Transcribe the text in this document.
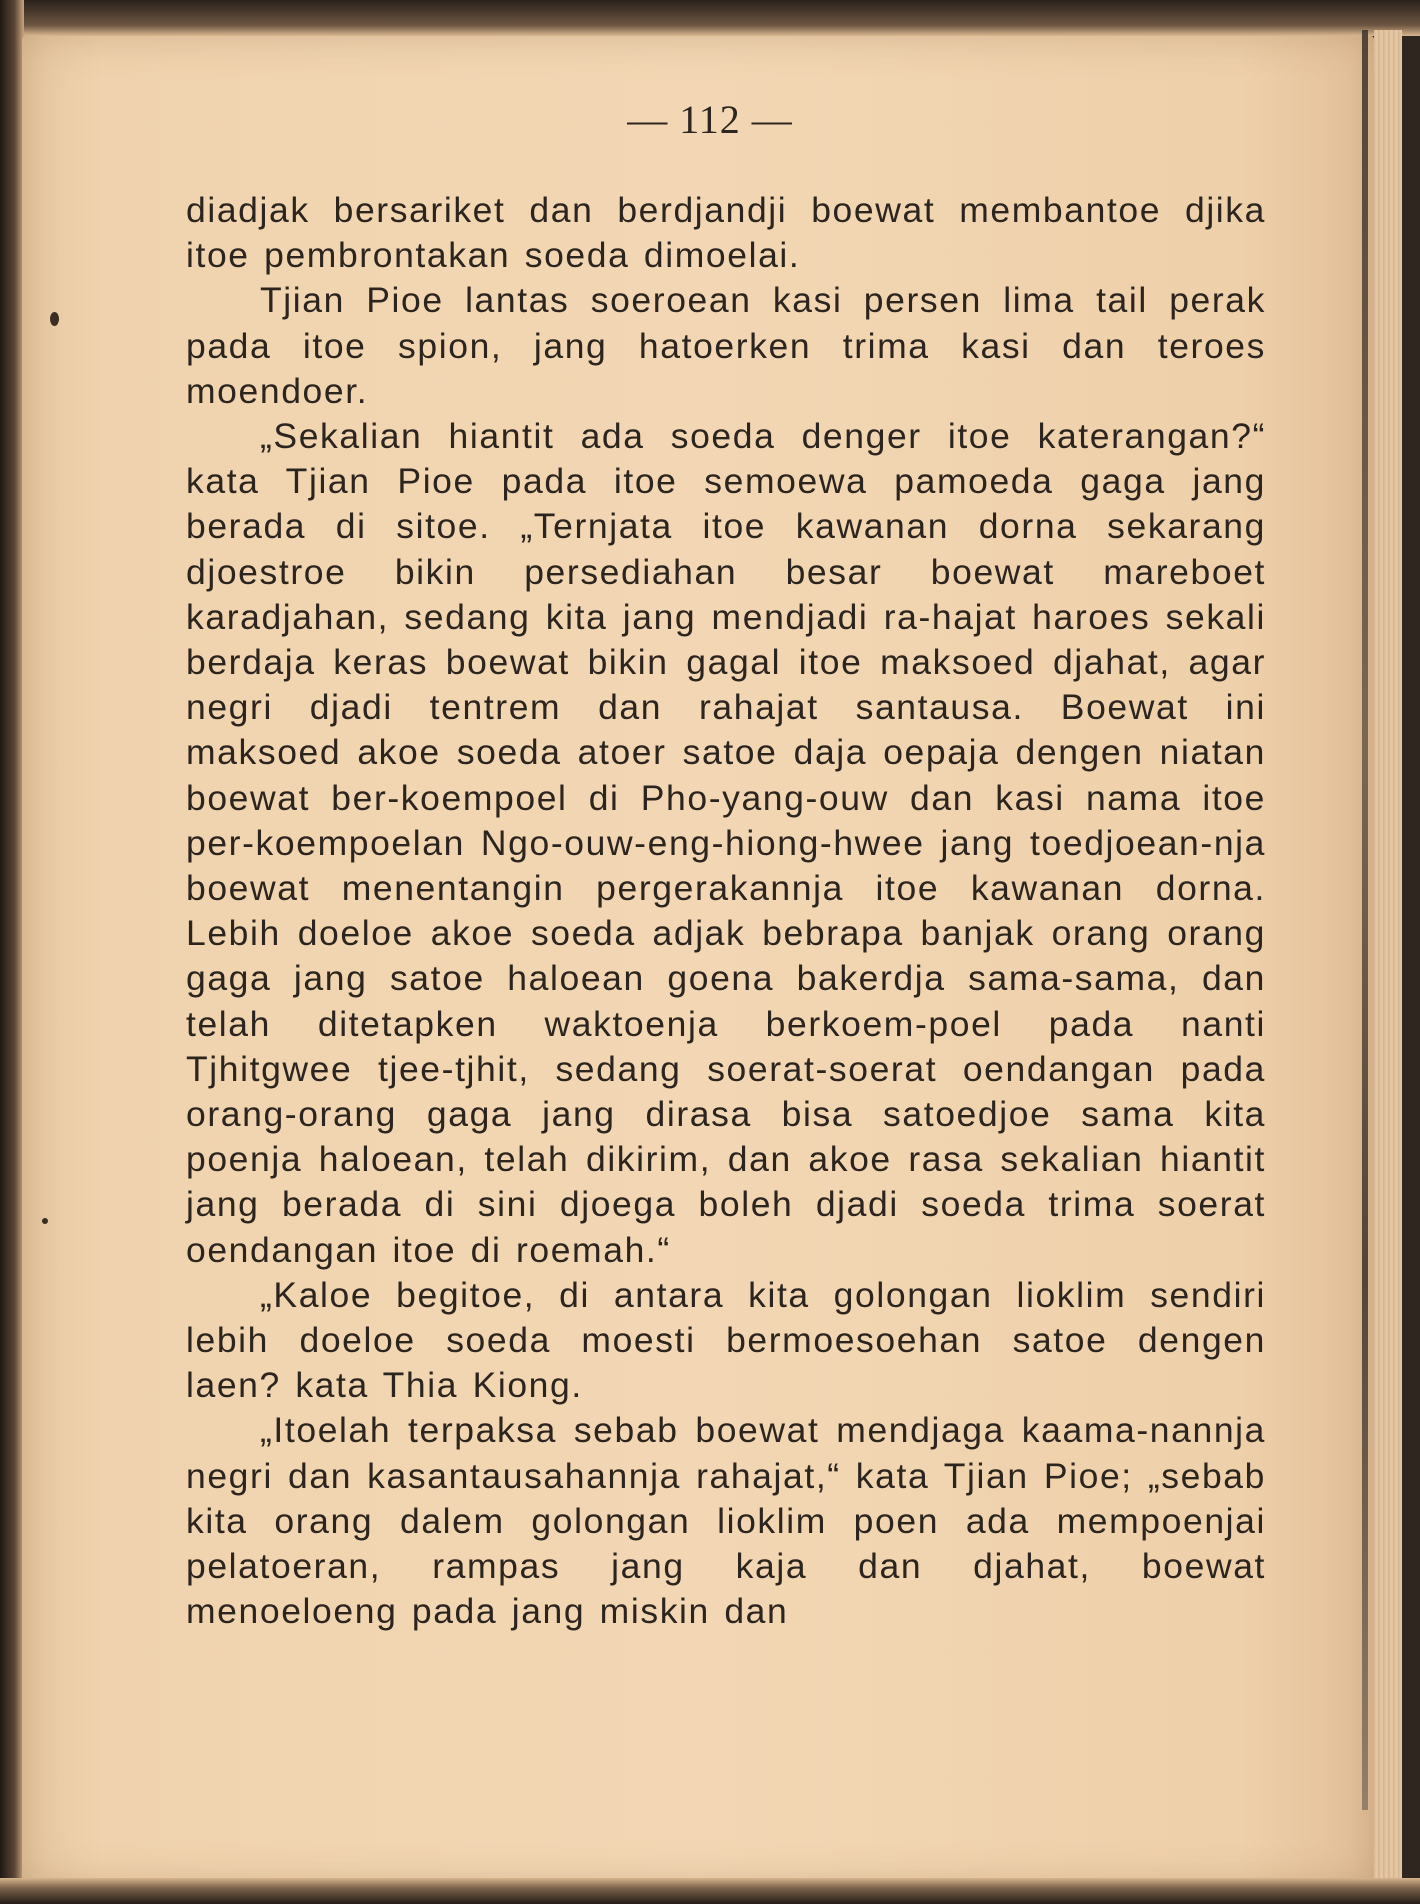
— 112 —

diadjak bersariket dan berdjandji boewat membantoe djika itoe pembrontakan soeda dimoelai.

Tjian Pioe lantas soeroean kasi persen lima tail perak pada itoe spion, jang hatoerken trima kasi dan teroes moendoer.

„Sekalian hiantit ada soeda denger itoe katerangan?“ kata Tjian Pioe pada itoe semoewa pamoeda gaga jang berada di sitoe. „Ternjata itoe kawanan dorna sekarang djoestroe bikin persediahan besar boewat mareboet karadjahan, sedang kita jang mendjadi ra-hajat haroes sekali berdaja keras boewat bikin gagal itoe maksoed djahat, agar negri djadi tentrem dan rahajat santausa. Boewat ini maksoed akoe soeda atoer satoe daja oepaja dengen niatan boewat ber-koempoel di Pho-yang-ouw dan kasi nama itoe per-koempoelan Ngo-ouw-eng-hiong-hwee jang toedjoean-nja boewat menentangin pergerakannja itoe kawanan dorna. Lebih doeloe akoe soeda adjak bebrapa banjak orang orang gaga jang satoe haloean goena bakerdja sama-sama, dan telah ditetapken waktoenja berkoem-poel pada nanti Tjhitgwee tjee-tjhit, sedang soerat-soerat oendangan pada orang-orang gaga jang dirasa bisa satoedjoe sama kita poenja haloean, telah dikirim, dan akoe rasa sekalian hiantit jang berada di sini djoega boleh djadi soeda trima soerat oendangan itoe di roemah.“

„Kaloe begitoe, di antara kita golongan lioklim sendiri lebih doeloe soeda moesti bermoesoehan satoe dengen laen? kata Thia Kiong.

„Itoelah terpaksa sebab boewat mendjaga kaama-nannja negri dan kasantausahannja rahajat,“ kata Tjian Pioe; „sebab kita orang dalem golongan lioklim poen ada mempoenjai pelatoeran, rampas jang kaja dan djahat, boewat menoeloeng pada jang miskin dan
